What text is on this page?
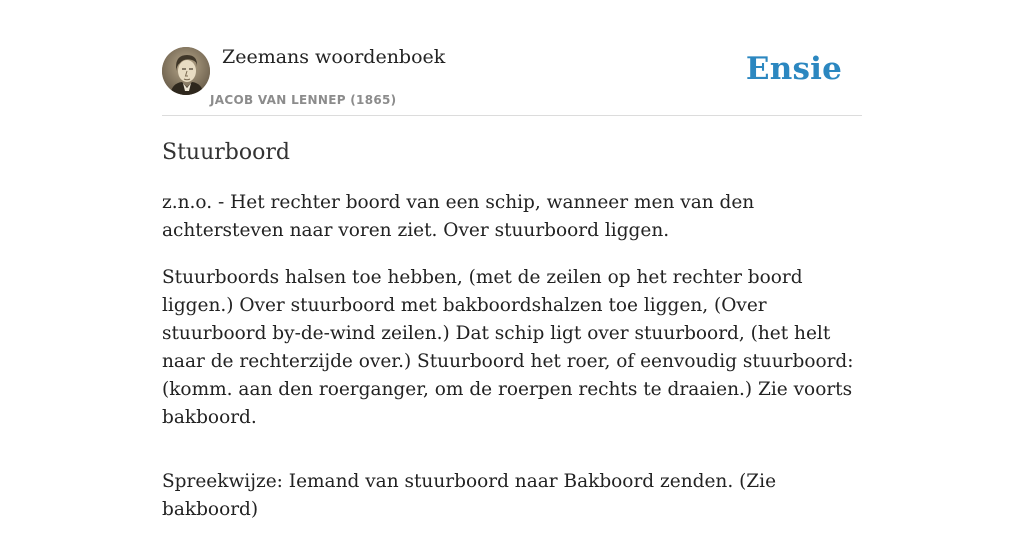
Zeemans woordenboek
JACOB VAN LENNEP (1865)
Ensie
Stuurboord

z.n.o. - Het rechter boord van een schip, wanneer men van den achtersteven naar voren ziet. Over stuurboord liggen.

Stuurboords halsen toe hebben, (met de zeilen op het rechter boord liggen.) Over stuurboord met bakboordshalzen toe liggen, (Over stuurboord by-de-wind zeilen.) Dat schip ligt over stuurboord, (het helt naar de rechterzijde over.) Stuurboord het roer, of eenvoudig stuurboord: (komm. aan den roerganger, om de roerpen rechts te draaien.) Zie voorts bakboord.

Spreekwijze: Iemand van stuurboord naar Bakboord zenden. (Zie bakboord)
